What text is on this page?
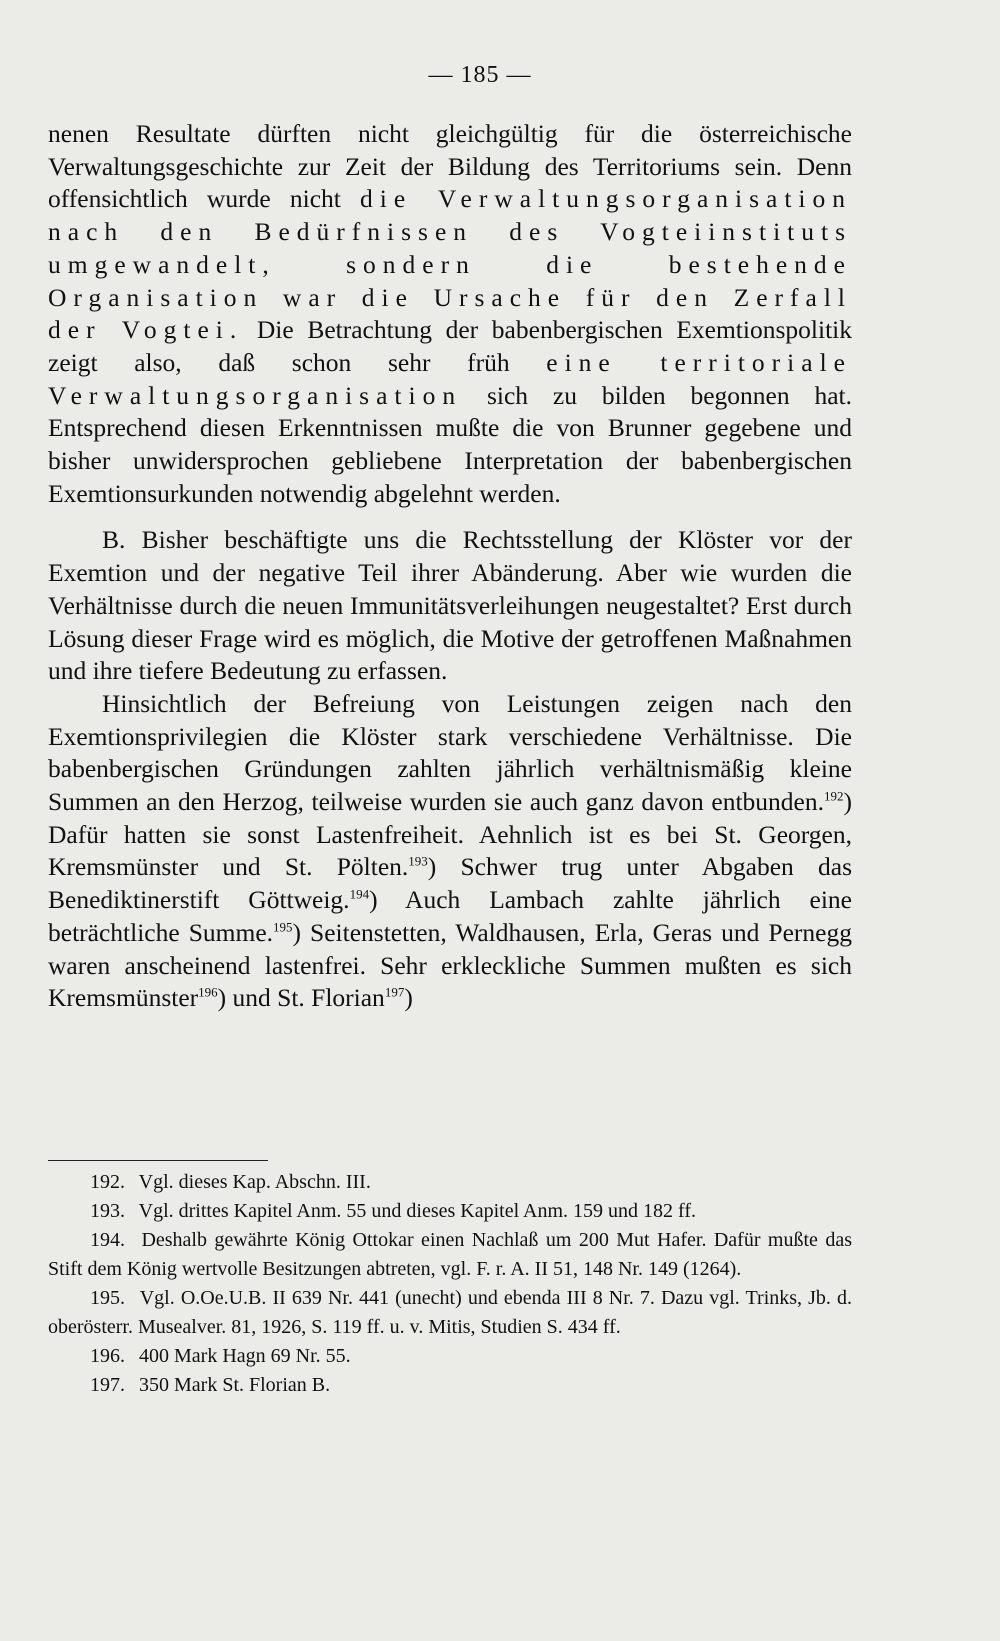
— 185 —

nenen Resultate dürften nicht gleichgültig für die österreichische Verwaltungsgeschichte zur Zeit der Bildung des Territoriums sein. Denn offensichtlich wurde nicht die Verwaltungsorganisation nach den Bedürfnissen des Vogteiinstituts umgewandelt, sondern die bestehende Organisation war die Ursache für den Zerfall der Vogtei. Die Betrachtung der babenbergischen Exemtionspolitik zeigt also, daß schon sehr früh eine territoriale Verwaltungsorganisation sich zu bilden begonnen hat. Entsprechend diesen Erkenntnissen mußte die von Brunner gegebene und bisher unwidersprochen gebliebene Interpretation der babenbergischen Exemtionsurkunden notwendig abgelehnt werden.

B. Bisher beschäftigte uns die Rechtsstellung der Klöster vor der Exemtion und der negative Teil ihrer Abänderung. Aber wie wurden die Verhältnisse durch die neuen Immunitätsverleihungen neugestaltet? Erst durch Lösung dieser Frage wird es möglich, die Motive der getroffenen Maßnahmen und ihre tiefere Bedeutung zu erfassen.

Hinsichtlich der Befreiung von Leistungen zeigen nach den Exemtionsprivilegien die Klöster stark verschiedene Verhältnisse. Die babenbergischen Gründungen zahlten jährlich verhältnismäßig kleine Summen an den Herzog, teilweise wurden sie auch ganz davon entbunden.$^{192}$) Dafür hatten sie sonst Lastenfreiheit. Aehnlich ist es bei St. Georgen, Kremsmünster und St. Pölten.$^{193}$) Schwer trug unter Abgaben das Benediktinerstift Göttweig.$^{194}$) Auch Lambach zahlte jährlich eine beträchtliche Summe.$^{195}$) Seitenstetten, Waldhausen, Erla, Geras und Pernegg waren anscheinend lastenfrei. Sehr erkleckliche Summen mußten es sich Kremsmünster$^{196}$) und St. Florian$^{197}$)

192. Vgl. dieses Kap. Abschn. III.

193. Vgl. drittes Kapitel Anm. 55 und dieses Kapitel Anm. 159 und 182 ff.

194. Deshalb gewährte König Ottokar einen Nachlaß um 200 Mut Hafer. Dafür mußte das Stift dem König wertvolle Besitzungen abtreten, vgl. F. r. A. II 51, 148 Nr. 149 (1264).

195. Vgl. O.Oe.U.B. II 639 Nr. 441 (unecht) und ebenda III 8 Nr. 7. Dazu vgl. Trinks, Jb. d. oberösterr. Musealver. 81, 1926, S. 119 ff. u. v. Mitis, Studien S. 434 ff.

196. 400 Mark Hagn 69 Nr. 55.

197. 350 Mark St. Florian B.
